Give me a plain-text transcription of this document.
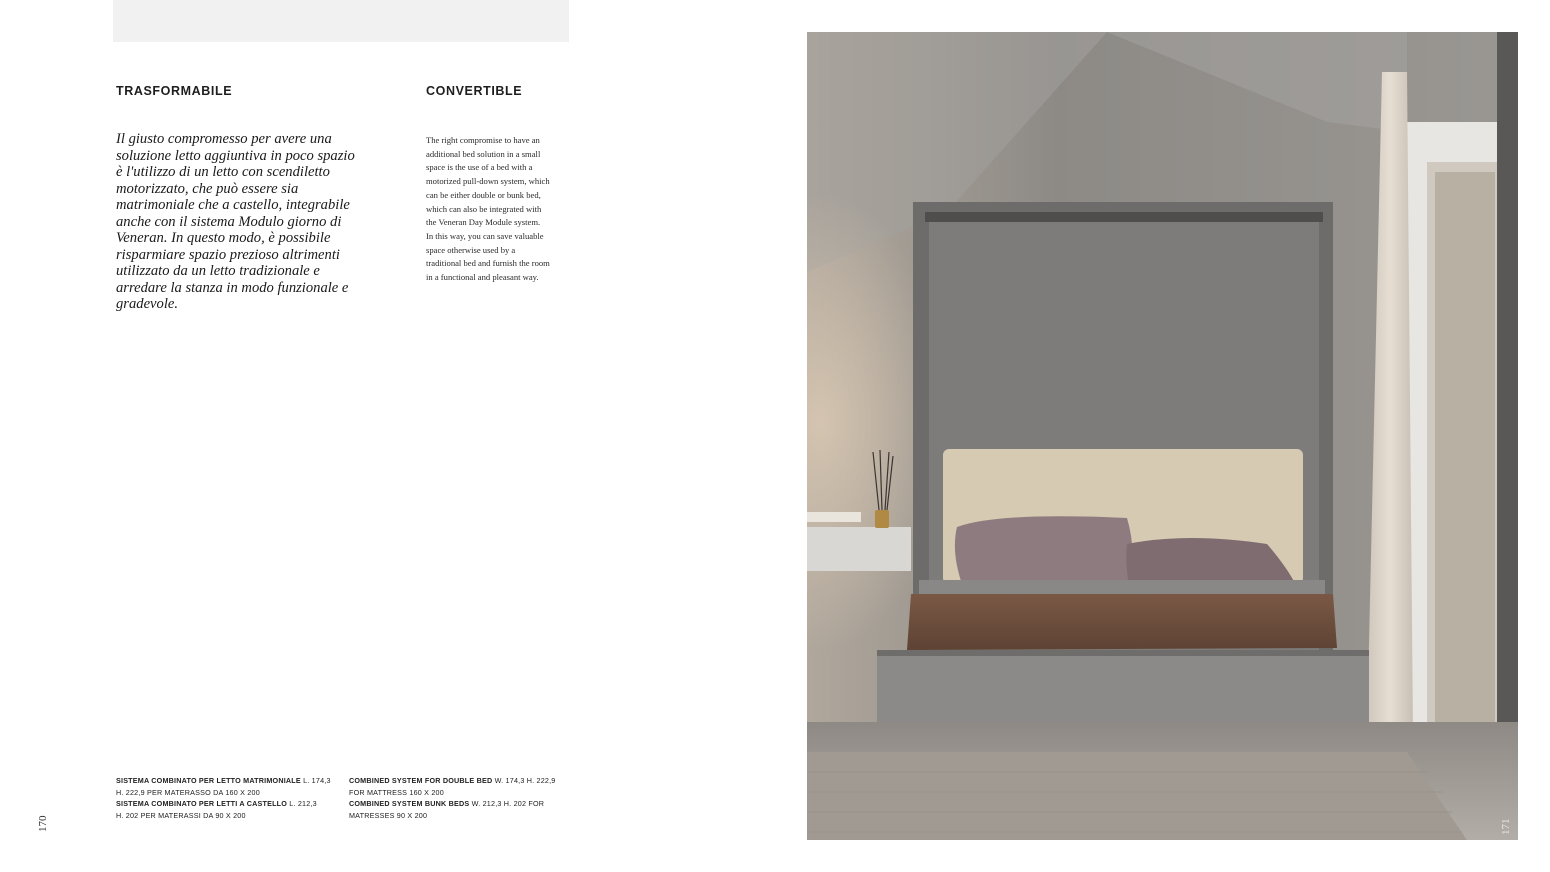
TRASFORMABILE	CONVERTIBLE
Il giusto compromesso per avere una
soluzione letto aggiuntiva in poco spazio
è l'utilizzo di un letto con scendiletto
motorizzato, che può essere sia
matrimoniale che a castello, integrabile
anche con il sistema Modulo giorno di
Veneran. In questo modo, è possibile
risparmiare spazio prezioso altrimenti
utilizzato da un letto tradizionale e
arredare la stanza in modo funzionale e
gradevole.
The right compromise to have an
additional bed solution in a small
space is the use of a bed with a
motorized pull-down system, which
can be either double or bunk bed,
which can also be integrated with
the Veneran Day Module system.
In this way, you can save valuable
space otherwise used by a
traditional bed and furnish the room
in a functional and pleasant way.
SISTEMA COMBINATO PER LETTO MATRIMONIALE L. 174,3
H. 222,9 PER MATERASSO DA 160 X 200
SISTEMA COMBINATO PER LETTI A CASTELLO L. 212,3
H. 202 PER MATERASSI DA 90 X 200
COMBINED SYSTEM FOR DOUBLE BED W. 174,3 H. 222,9
FOR MATTRESS 160 X 200
COMBINED SYSTEM BUNK BEDS W. 212,3 H. 202 FOR
MATRESSES 90 X 200
170	171
